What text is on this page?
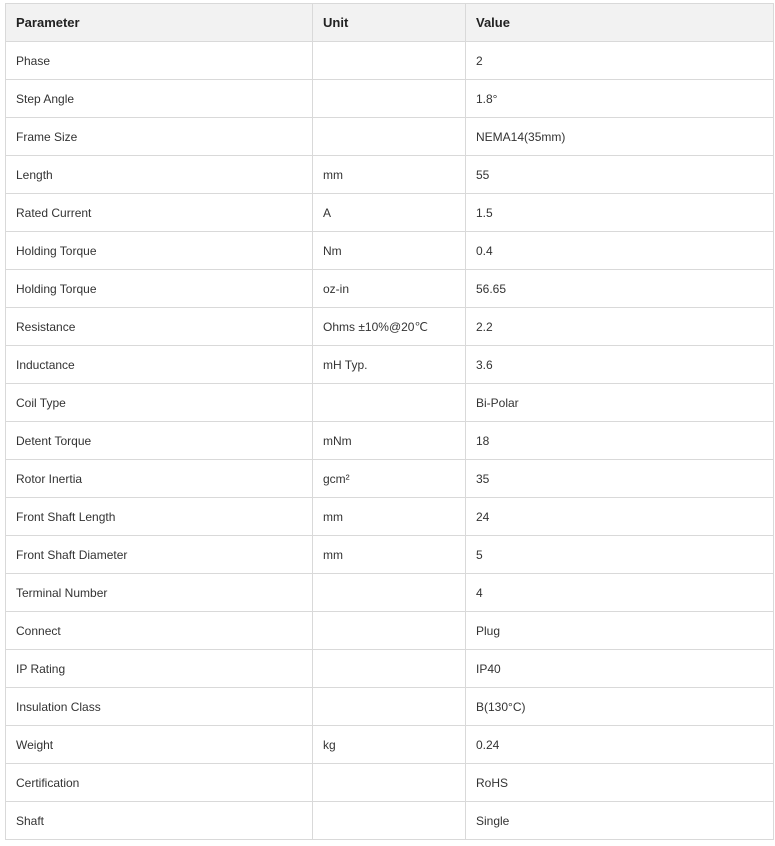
Parameter	Unit	Value
Phase		2
Step Angle		1.8°
Frame Size		NEMA14(35mm)
Length	mm	55
Rated Current	A	1.5
Holding Torque	Nm	0.4
Holding Torque	oz-in	56.65
Resistance	Ohms ±10%@20℃	2.2
Inductance	mH Typ.	3.6
Coil Type		Bi-Polar
Detent Torque	mNm	18
Rotor Inertia	gcm²	35
Front Shaft Length	mm	24
Front Shaft Diameter	mm	5
Terminal Number		4
Connect		Plug
IP Rating		IP40
Insulation Class		B(130°C)
Weight	kg	0.24
Certification		RoHS
Shaft		Single
